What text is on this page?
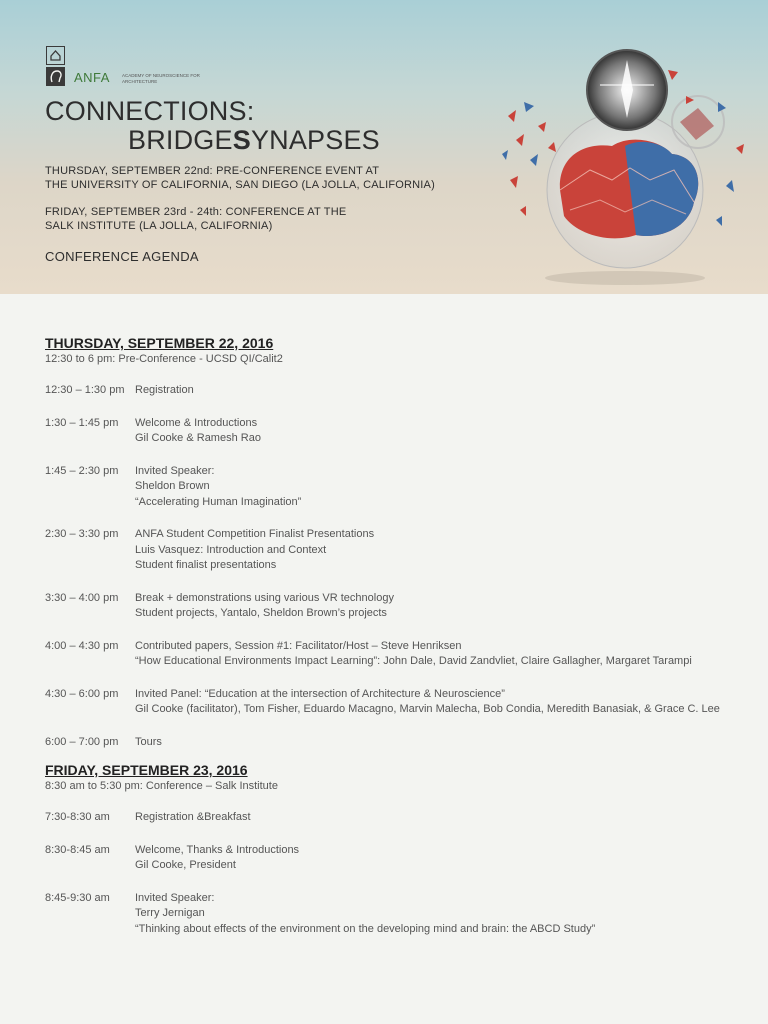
ANFA	ACADEMY OF NEUROSCIENCE FOR ARCHITECTURE
CONNECTIONS:
BRIDGESYNAPSES
THURSDAY, SEPTEMBER 22nd: PRE-CONFERENCE EVENT AT
THE UNIVERSITY OF CALIFORNIA, SAN DIEGO (LA JOLLA, CALIFORNIA)
FRIDAY, SEPTEMBER 23rd - 24th: CONFERENCE AT THE
SALK INSTITUTE (LA JOLLA, CALIFORNIA)
CONFERENCE AGENDA
THURSDAY, SEPTEMBER 22, 2016
12:30 to 6 pm: Pre-Conference - UCSD QI/Calit2
12:30 – 1:30 pm Registration
1:30 – 1:45 pm	Welcome & Introductions
Gil Cooke & Ramesh Rao
1:45 – 2:30 pm	Invited Speaker:
Sheldon Brown
“Accelerating Human Imagination”
2:30 – 3:30 pm	ANFA Student Competition Finalist Presentations
Luis Vasquez: Introduction and Context
Student finalist presentations
3:30 – 4:00 pm	Break + demonstrations using various VR technology
Student projects, Yantalo, Sheldon Brown’s projects
4:00 – 4:30 pm	Contributed papers, Session #1: Facilitator/Host – Steve Henriksen
“How Educational Environments Impact Learning”: John Dale, David Zandvliet, Claire Gallagher, Margaret Tarampi
4:30 – 6:00 pm	Invited Panel: “Education at the intersection of Architecture & Neuroscience”
Gil Cooke (facilitator), Tom Fisher, Eduardo Macagno, Marvin Malecha, Bob Condia, Meredith Banasiak, & Grace C. Lee
6:00 – 7:00 pm	Tours
FRIDAY, SEPTEMBER 23, 2016
8:30 am to 5:30 pm: Conference – Salk Institute
7:30-8:30 am	Registration &Breakfast
8:30-8:45 am	Welcome, Thanks & Introductions
Gil Cooke, President
8:45-9:30 am	Invited Speaker:
Terry Jernigan
“Thinking about effects of the environment on the developing mind and brain: the ABCD Study”
